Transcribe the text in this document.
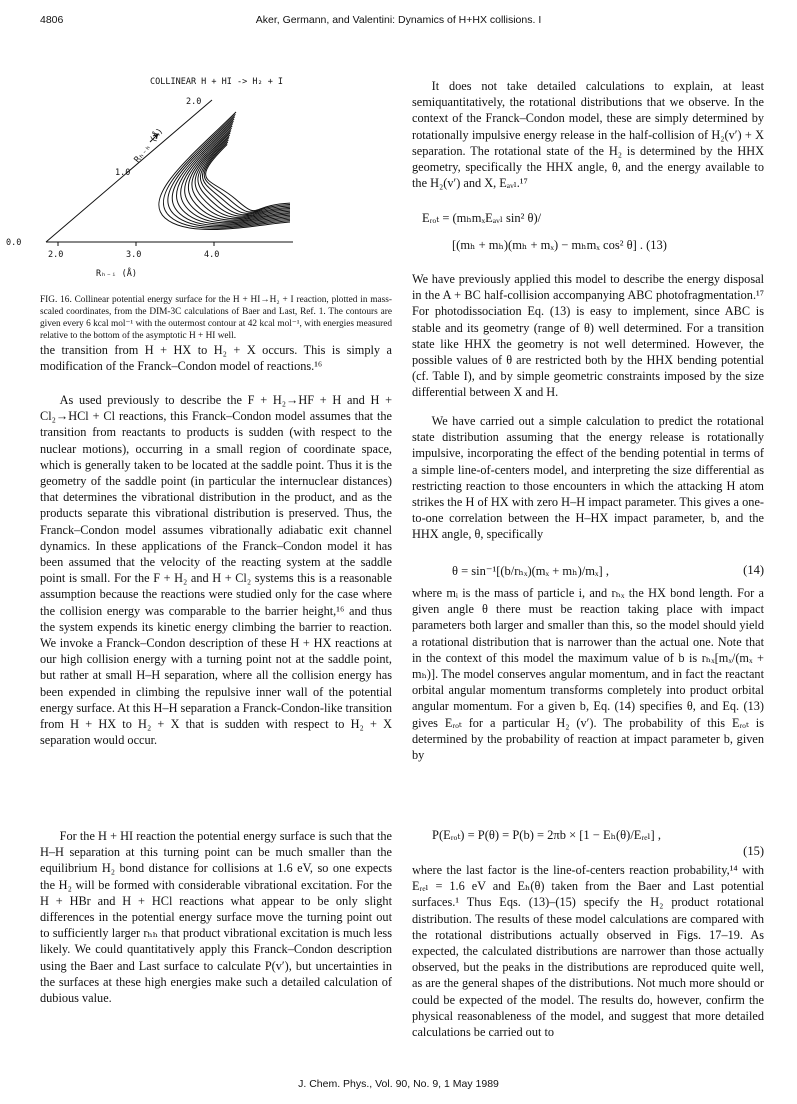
4806	Aker, Germann, and Valentini: Dynamics of H+HX collisions. I
COLLINEAR H + HI -> H₂ + I
2.0	3.0	4.0
0.0
1.0
2.0
Rₕ₋ᵢ (Å)
Rₕ₋ₕ (Å)

FIG. 16. Collinear potential energy surface for the H + HI→H₂ + I reaction, plotted in mass-scaled coordinates, from the DIM-3C calculations of Baer and Last, Ref. 1. The contours are given every 6 kcal mol⁻¹ with the outermost contour at 42 kcal mol⁻¹, with energies measured relative to the bottom of the asymptotic H + HI well.

the transition from H + HX to H₂ + X occurs. This is simply a modification of the Franck–Condon model of reactions.¹⁶

As used previously to describe the F + H₂→HF + H and H + Cl₂→HCl + Cl reactions, this Franck–Condon model assumes that the transition from reactants to products is sudden (with respect to the nuclear motions), occurring in a small region of coordinate space, which is generally taken to be located at the saddle point. Thus it is the geometry of the saddle point (in particular the internuclear distances) that determines the vibrational distribution in the product, and as the products separate this vibrational distribution is preserved. Thus, the Franck–Condon model assumes vibrationally adiabatic exit channel dynamics. In these applications of the Franck–Condon model it has been assumed that the velocity of the reacting system at the saddle point is small. For the F + H₂ and H + Cl₂ systems this is a reasonable assumption because the reactions were studied only for the case where the collision energy was comparable to the barrier height,¹⁶ and thus the system expends its kinetic energy climbing the barrier to reaction. We invoke a Franck–Condon description of these H + HX reactions at our high collision energy with a turning point not at the saddle point, but rather at small H–H separation, where all the collision energy has been expended in climbing the repulsive inner wall of the potential energy surface. At this H–H separation a Franck-Condon-like transition from H + HX to H₂ + X that is sudden with respect to H₂ + X separation would occur.

For the H + HI reaction the potential energy surface is such that the H–H separation at this turning point can be much smaller than the equilibrium H₂ bond distance for collisions at 1.6 eV, so one expects the H₂ will be formed with considerable vibrational excitation. For the H + HBr and H + HCl reactions what appear to be only slight differences in the potential energy surface move the turning point out to sufficiently larger rₕₕ that product vibrational excitation is much less likely. We could quantitatively apply this Franck–Condon description using the Baer and Last surface to calculate P(v′), but uncertainties in the surfaces at these high energies make such a detailed calculation of dubious value.

It does not take detailed calculations to explain, at least semiquantitatively, the rotational distributions that we observe. In the context of the Franck–Condon model, these are simply determined by rotationally impulsive energy release in the half-collision of H₂(v′) + X separation. The rotational state of the H₂ is determined by the HHX geometry, specifically the HHX angle, θ, and the energy available to the H₂(v′) and X, Eₐᵥₗ.¹⁷

Eᵣₒₜ = (mₕmₓEₐᵥₗ sin² θ)/
[(mₕ + mₕ)(mₕ + mₓ) − mₕmₓ cos² θ] . (13)

We have previously applied this model to describe the energy disposal in the A + BC half-collision accompanying ABC photofragmentation.¹⁷ For photodissociation Eq. (13) is easy to implement, since ABC is stable and its geometry (range of θ) well determined. For a transition state like HHX the geometry is not well determined. However, the possible values of θ are restricted both by the HHX bending potential (cf. Table I), and by simple geometric constraints imposed by the size differential between X and H.

We have carried out a simple calculation to predict the rotational state distribution assuming that the energy release is rotationally impulsive, incorporating the effect of the bending potential in terms of a simple line-of-centers model, and interpreting the size differential as restricting reaction to those encounters in which the attacking H atom strikes the H of HX with zero H–H impact parameter. This gives a one-to-one correlation between the H–HX impact parameter, b, and the HHX angle, θ, specifically

θ = sin⁻¹[(b/rₕₓ)(mₓ + mₕ)/mₓ] ,	(14)

where mᵢ is the mass of particle i, and rₕₓ the HX bond length. For a given angle θ there must be reaction taking place with impact parameters both larger and smaller than this, so the model should yield a rotational distribution that is narrower than the actual one. Note that in the context of this model the maximum value of b is rₕₓ[mₓ/(mₓ + mₕ)]. The model conserves angular momentum, and in fact the reactant orbital angular momentum transforms completely into product orbital angular momentum. For a given b, Eq. (14) specifies θ, and Eq. (13) gives Eᵣₒₜ for a particular H₂ (v′). The probability of this Eᵣₒₜ is determined by the probability of reaction at impact parameter b, given by

P(Eᵣₒₜ) = P(θ) = P(b) = 2πb × [1 − Eₕ(θ)/Eᵣₑₗ] ,
(15)

where the last factor is the line-of-centers reaction probability,¹⁴ with Eᵣₑₗ = 1.6 eV and Eₕ(θ) taken from the Baer and Last potential surfaces.¹ Thus Eqs. (13)–(15) specify the H₂ product rotational distribution. The results of these model calculations are compared with the rotational distributions actually observed in Figs. 17–19. As expected, the calculated distributions are narrower than those actually observed, but the peaks in the distributions are reproduced quite well, as are the general shapes of the distributions. Not much more should or could be expected of the model. The results do, however, confirm the physical reasonableness of the model, and suggest that more detailed calculations be carried out to

J. Chem. Phys., Vol. 90, No. 9, 1 May 1989
